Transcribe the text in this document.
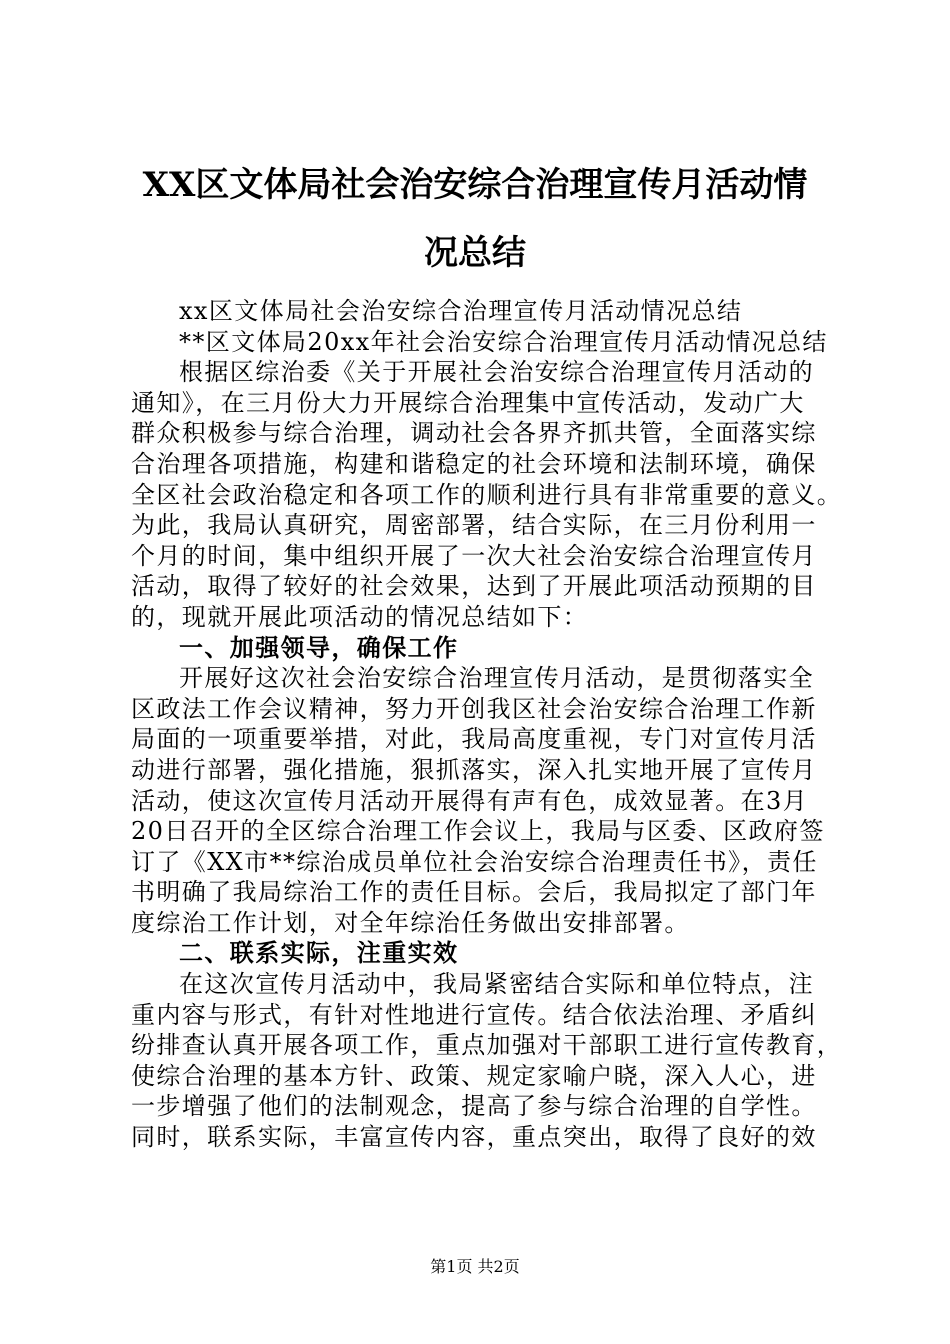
XX区文体局社会治安综合治理宣传月活动情
况总结
xx区文体局社会治安综合治理宣传月活动情况总结
**区文体局20xx年社会治安综合治理宣传月活动情况总结
根据区综治委《关于开展社会治安综合治理宣传月活动的
通知》，在三月份大力开展综合治理集中宣传活动，发动广大
群众积极参与综合治理，调动社会各界齐抓共管，全面落实综
合治理各项措施，构建和谐稳定的社会环境和法制环境，确保
全区社会政治稳定和各项工作的顺利进行具有非常重要的意义。
为此，我局认真研究，周密部署，结合实际，在三月份利用一
个月的时间，集中组织开展了一次大社会治安综合治理宣传月
活动，取得了较好的社会效果，达到了开展此项活动预期的目
的，现就开展此项活动的情况总结如下：
一、加强领导，确保工作
开展好这次社会治安综合治理宣传月活动，是贯彻落实全
区政法工作会议精神，努力开创我区社会治安综合治理工作新
局面的一项重要举措，对此，我局高度重视，专门对宣传月活
动进行部署，强化措施，狠抓落实，深入扎实地开展了宣传月
活动，使这次宣传月活动开展得有声有色，成效显著。在3月
20日召开的全区综合治理工作会议上，我局与区委、区政府签
订了《XX市**综治成员单位社会治安综合治理责任书》，责任
书明确了我局综治工作的责任目标。会后，我局拟定了部门年
度综治工作计划，对全年综治任务做出安排部署。
二、联系实际，注重实效
在这次宣传月活动中，我局紧密结合实际和单位特点，注
重内容与形式，有针对性地进行宣传。结合依法治理、矛盾纠
纷排查认真开展各项工作，重点加强对干部职工进行宣传教育，
使综合治理的基本方针、政策、规定家喻户晓，深入人心，进
一步增强了他们的法制观念，提高了参与综合治理的自学性。
同时，联系实际，丰富宣传内容，重点突出，取得了良好的效
第1页 共2页
